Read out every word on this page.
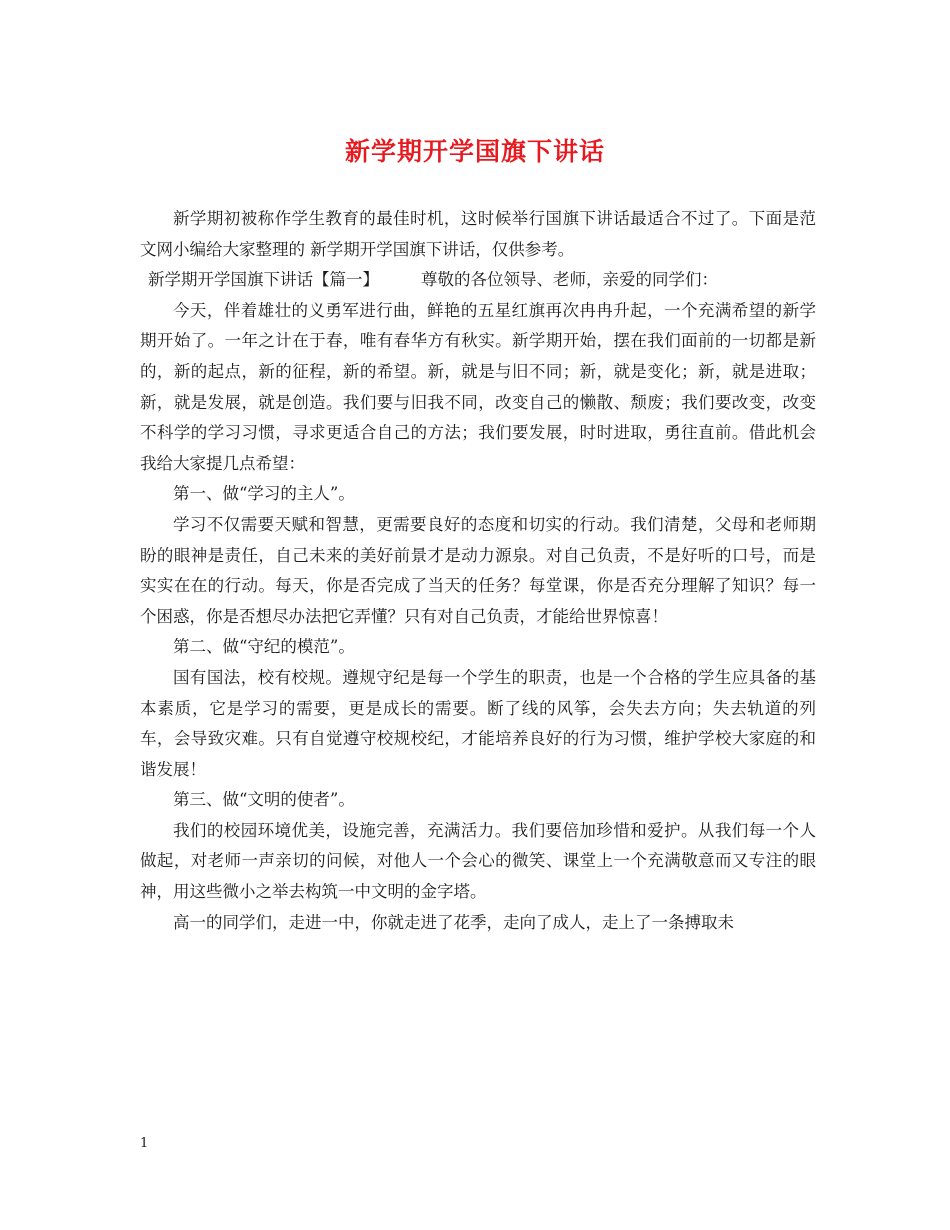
新学期开学国旗下讲话

新学期初被称作学生教育的最佳时机，这时候举行国旗下讲话最适合不过了。下面是范文网小编给大家整理的 新学期开学国旗下讲话，仅供参考。

新学期开学国旗下讲话【篇一】        尊敬的各位领导、老师，亲爱的同学们：

今天，伴着雄壮的义勇军进行曲，鲜艳的五星红旗再次冉冉升起，一个充满希望的新学期开始了。一年之计在于春，唯有春华方有秋实。新学期开始，摆在我们面前的一切都是新的，新的起点，新的征程，新的希望。新，就是与旧不同；新，就是变化；新，就是进取；新，就是发展，就是创造。我们要与旧我不同，改变自己的懒散、颓废；我们要改变，改变不科学的学习习惯，寻求更适合自己的方法；我们要发展，时时进取，勇往直前。借此机会我给大家提几点希望：

第一、做“学习的主人”。

学习不仅需要天赋和智慧，更需要良好的态度和切实的行动。我们清楚，父母和老师期盼的眼神是责任，自己未来的美好前景才是动力源泉。对自己负责，不是好听的口号，而是实实在在的行动。每天，你是否完成了当天的任务？每堂课，你是否充分理解了知识？每一个困惑，你是否想尽办法把它弄懂？只有对自己负责，才能给世界惊喜！

第二、做“守纪的模范”。

国有国法，校有校规。遵规守纪是每一个学生的职责，也是一个合格的学生应具备的基本素质，它是学习的需要，更是成长的需要。断了线的风筝，会失去方向；失去轨道的列车，会导致灾难。只有自觉遵守校规校纪，才能培养良好的行为习惯，维护学校大家庭的和谐发展！

第三、做“文明的使者”。

我们的校园环境优美，设施完善，充满活力。我们要倍加珍惜和爱护。从我们每一个人做起，对老师一声亲切的问候，对他人一个会心的微笑、课堂上一个充满敬意而又专注的眼神，用这些微小之举去构筑一中文明的金字塔。

高一的同学们，走进一中，你就走进了花季，走向了成人，走上了一条搏取未

1
